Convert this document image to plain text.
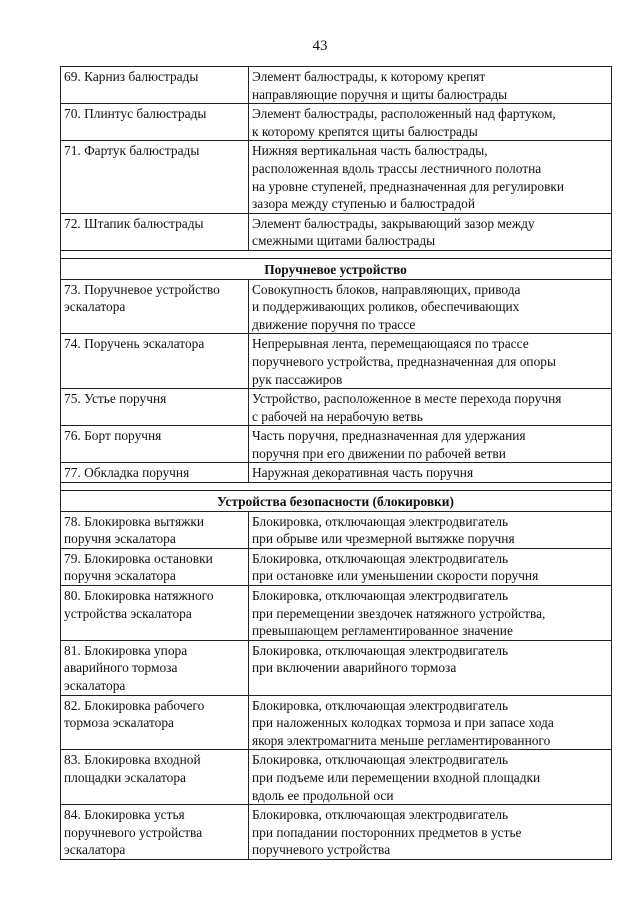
43
69. Карниз балюстрады	Элемент балюстрады, к которому крепят
направляющие поручня и щиты балюстрады
70. Плинтус балюстрады	Элемент балюстрады, расположенный над фартуком,
к которому крепятся щиты балюстрады
71. Фартук балюстрады	Нижняя вертикальная часть балюстрады,
расположенная вдоль трассы лестничного полотна
на уровне ступеней, предназначенная для регулировки
зазора между ступенью и балюстрадой
72. Штапик балюстрады	Элемент балюстрады, закрывающий зазор между
смежными щитами балюстрады

Поручневое устройство	
73. Поручневое устройство
эскалатора	Совокупность блоков, направляющих, привода
и поддерживающих роликов, обеспечивающих
движение поручня по трассе
74. Поручень эскалатора	Непрерывная лента, перемещающаяся по трассе
поручневого устройства, предназначенная для опоры
рук пассажиров
75. Устье поручня	Устройство, расположенное в месте перехода поручня
с рабочей на нерабочую ветвь
76. Борт поручня	Часть поручня, предназначенная для удержания
поручня при его движении по рабочей ветви
77. Обкладка поручня	Наружная декоративная часть поручня

Устройства безопасности (блокировки)	
78. Блокировка вытяжки
поручня эскалатора	Блокировка, отключающая электродвигатель
при обрыве или чрезмерной вытяжке поручня
79. Блокировка остановки
поручня эскалатора	Блокировка, отключающая электродвигатель
при остановке или уменьшении скорости поручня
80. Блокировка натяжного
устройства эскалатора	Блокировка, отключающая электродвигатель
при перемещении звездочек натяжного устройства,
превышающем регламентированное значение
81. Блокировка упора
аварийного тормоза
эскалатора	Блокировка, отключающая электродвигатель
при включении аварийного тормоза
82. Блокировка рабочего
тормоза эскалатора	Блокировка, отключающая электродвигатель
при наложенных колодках тормоза и при запасе хода
якоря электромагнита меньше регламентированного
83. Блокировка входной
площадки эскалатора	Блокировка, отключающая электродвигатель
при подъеме или перемещении входной площадки
вдоль ее продольной оси
84. Блокировка устья
поручневого устройства
эскалатора	Блокировка, отключающая электродвигатель
при попадании посторонних предметов в устье
поручневого устройства
